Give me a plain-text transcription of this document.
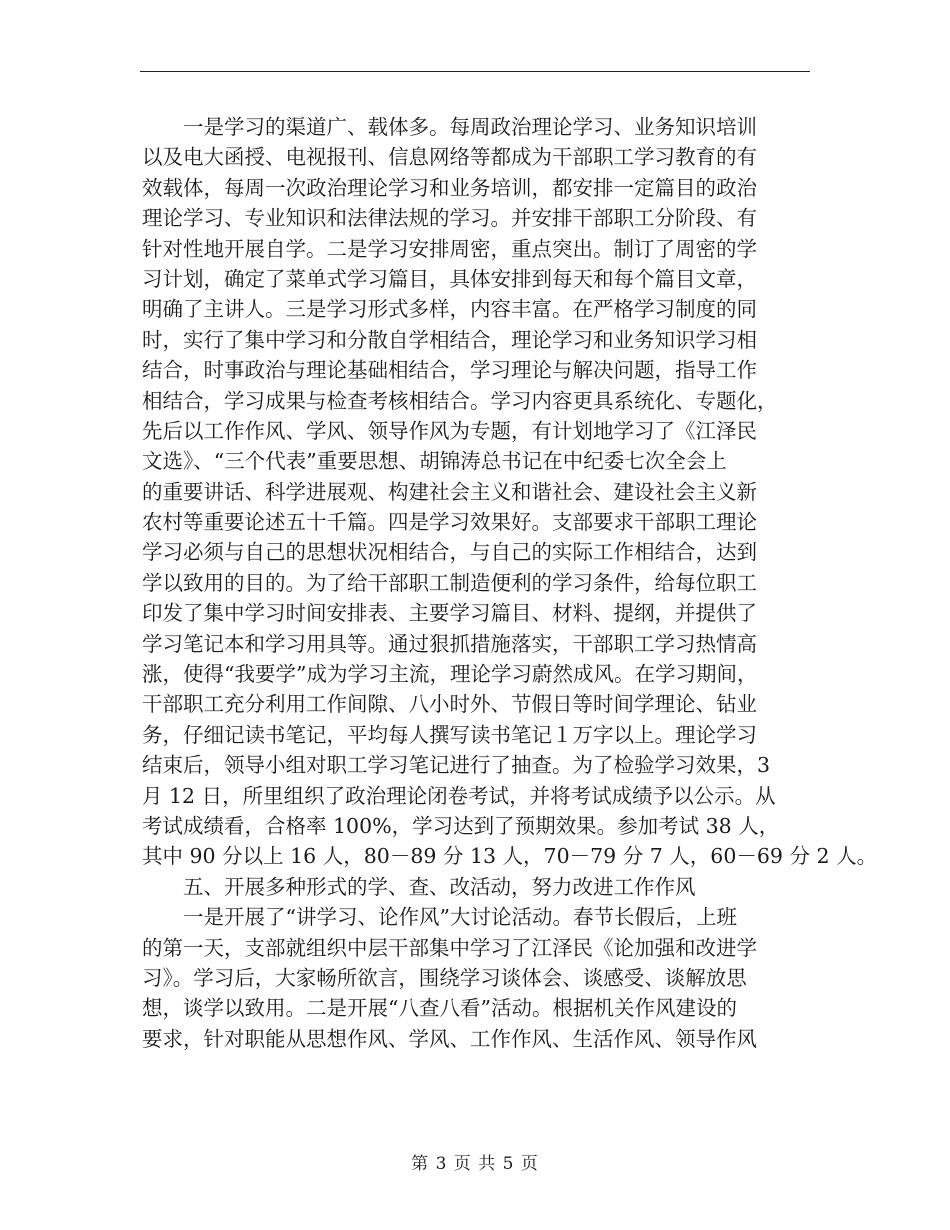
　　一是学习的渠道广、载体多。每周政治理论学习、业务知识培训
以及电大函授、电视报刊、信息网络等都成为干部职工学习教育的有
效载体，每周一次政治理论学习和业务培训，都安排一定篇目的政治
理论学习、专业知识和法律法规的学习。并安排干部职工分阶段、有
针对性地开展自学。二是学习安排周密，重点突出。制订了周密的学
习计划，确定了菜单式学习篇目，具体安排到每天和每个篇目文章，
明确了主讲人。三是学习形式多样，内容丰富。在严格学习制度的同
时，实行了集中学习和分散自学相结合，理论学习和业务知识学习相
结合，时事政治与理论基础相结合，学习理论与解决问题，指导工作
相结合，学习成果与检查考核相结合。学习内容更具系统化、专题化，
先后以工作作风、学风、领导作风为专题，有计划地学习了《江泽民
文选》、“三个代表”重要思想、胡锦涛总书记在中纪委七次全会上
的重要讲话、科学进展观、构建社会主义和谐社会、建设社会主义新
农村等重要论述五十千篇。四是学习效果好。支部要求干部职工理论
学习必须与自己的思想状况相结合，与自己的实际工作相结合，达到
学以致用的目的。为了给干部职工制造便利的学习条件，给每位职工
印发了集中学习时间安排表、主要学习篇目、材料、提纲，并提供了
学习笔记本和学习用具等。通过狠抓措施落实，干部职工学习热情高
涨，使得“我要学”成为学习主流，理论学习蔚然成风。在学习期间，
干部职工充分利用工作间隙、八小时外、节假日等时间学理论、钻业
务，仔细记读书笔记，平均每人撰写读书笔记１万字以上。理论学习
结束后，领导小组对职工学习笔记进行了抽查。为了检验学习效果，3
月 12 日，所里组织了政治理论闭卷考试，并将考试成绩予以公示。从
考试成绩看，合格率 100%，学习达到了预期效果。参加考试 38 人，
其中 90 分以上 16 人，80－89 分 13 人，70－79 分 7 人，60－69 分 2 人。
　　五、开展多种形式的学、查、改活动，努力改进工作作风
　　一是开展了“讲学习、论作风”大讨论活动。春节长假后，上班
的第一天，支部就组织中层干部集中学习了江泽民《论加强和改进学
习》。学习后，大家畅所欲言，围绕学习谈体会、谈感受、谈解放思
想，谈学以致用。二是开展“八查八看”活动。根据机关作风建设的
要求，针对职能从思想作风、学风、工作作风、生活作风、领导作风
第 3 页 共 5 页
